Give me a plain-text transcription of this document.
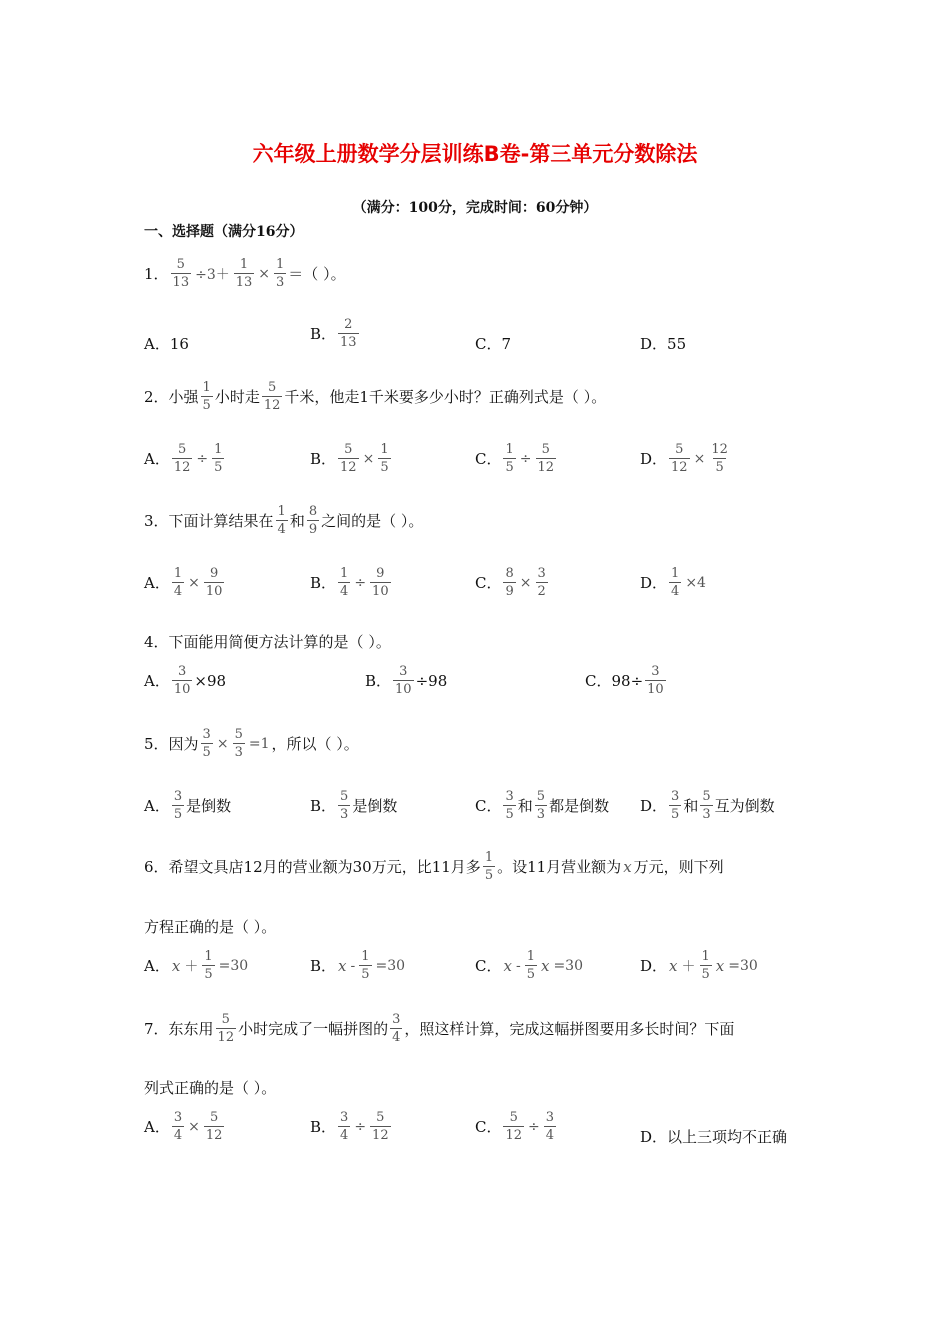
六年级上册数学分层训练B卷-第三单元分数除法
（满分：100分，完成时间：60分钟）
一、选择题（满分16分）
1． $\frac{5}{13} \div 3+ \frac{1}{13} \times \frac{1}{3}$ ＝（ ）。
A．16
B． $\frac{2}{13}$	C．7	D．55
2．小强 $\frac{1}{5}$ 小时走 $\frac{5}{12}$ 千米，他走1千米要多少小时？正确列式是（ ）。
A． $\frac{5}{12} \div \frac{1}{5}$	B． $\frac{5}{12} \times \frac{1}{5}$	C． $\frac{1}{5} \div \frac{5}{12}$	D． $\frac{5}{12} \times \frac{12}{5}$
3．下面计算结果在 $\frac{1}{4}$ 和 $\frac{8}{9}$ 之间的是（ ）。
A． $\frac{1}{4} \times \frac{9}{10}$	B． $\frac{1}{4} \div \frac{9}{10}$	C． $\frac{8}{9} \times \frac{3}{2}$	D． $\frac{1}{4} \times 4$
4．下面能用简便方法计算的是（ ）。
A． $\frac{3}{10} \times 98$	B． $\frac{3}{10} \div 98$	C． $98\div \frac{3}{10}$
5．因为 $\frac{3}{5} \times \frac{5}{3} =1$ ，所以（ ）。
A． $\frac{3}{5}$ 是倒数	B． $\frac{5}{3}$ 是倒数	C． $\frac{3}{5}$ 和 $\frac{5}{3}$ 都是倒数 D． $\frac{3}{5}$ 和 $\frac{5}{3}$ 互为倒数
6．希望文具店12月的营业额为30万元，比11月多 $\frac{1}{5}$ 。设11月营业额为 x 万元，则下列
方程正确的是（ ）。
A． $x + \frac{1}{5} =30$	B． $x - \frac{1}{5} =30$	C． x - $\frac{1}{5}$ x =30	D． $x + \frac{1}{5}$ x =30
7．东东用 $\frac{5}{12}$ 小时完成了一幅拼图的 $\frac{3}{4}$ ，照这样计算，完成这幅拼图要用多长时间？下面
列式正确的是（ ）。
A． $\frac{3}{4} \times \frac{5}{12}$	B． $\frac{3}{4} \div \frac{5}{12}$	C． $\frac{5}{12} \div \frac{3}{4}$	D．以上三项均不正确
